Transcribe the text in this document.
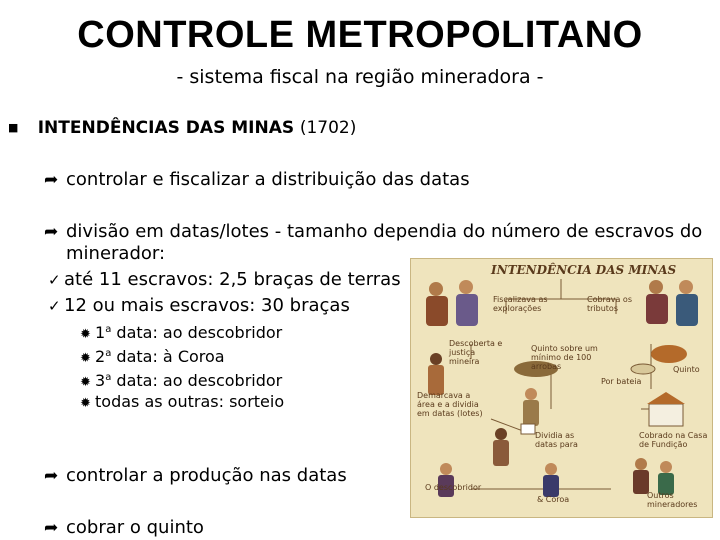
CONTROLE METROPOLITANO
- sistema fiscal na região mineradora -
■ INTENDÊNCIAS DAS MINAS (1702)
➦ controlar e fiscalizar a distribuição das datas
➦ divisão em datas/lotes - tamanho dependia do número de escravos do
minerador:
✓ até 11 escravos: 2,5 braças de terras
✓ 12 ou mais escravos: 30 braças
✹ 1$^a$ data: ao descobridor
✹ 2$^a$ data: à Coroa
✹ 3$^a$ data: ao descobridor
✹ todas as outras: sorteio
➦ controlar a produção nas datas
➦ cobrar o quinto
INTENDÊNCIA DAS MINAS
Fiscalizava as explorações
Cobrava os tributos
Descoberta e justiça mineira
Quinto sobre um mínimo de 100 arrobas
Por bateia
Quinto
Demarcava a área e a dividia em datas (lotes)
Dividia as datas para
Cobrado na Casa de Fundição
O descobridor
& Coroa	Outros mineradores
